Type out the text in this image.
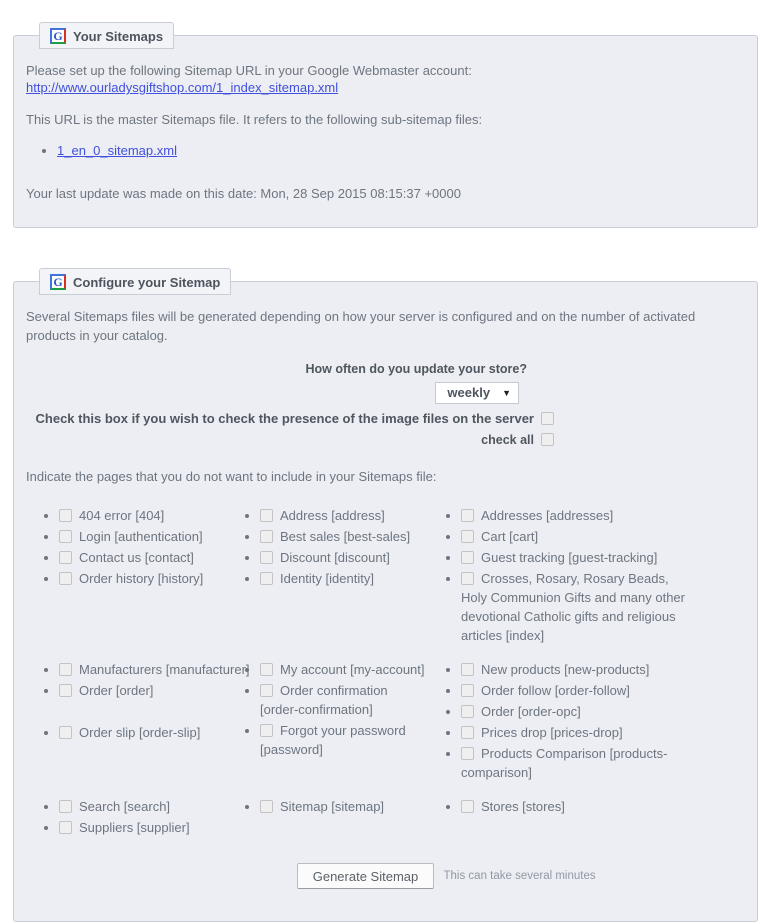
G Your Sitemaps

Please set up the following Sitemap URL in your Google Webmaster account:

http://www.ourladysgiftshop.com/1_index_sitemap.xml

This URL is the master Sitemaps file. It refers to the following sub-sitemap files:

• 1_en_0_sitemap.xml

Your last update was made on this date: Mon, 28 Sep 2015 08:15:37 +0000

G Configure your Sitemap

Several Sitemaps files will be generated depending on how your server is configured and on the number of activated products in your catalog.

How often do you update your store?
weekly ▼
Check this box if you wish to check the presence of the image files on the server
check all

Indicate the pages that you do not want to include in your Sitemaps file:

• 404 error [404]
• Login [authentication]
• Contact us [contact]
• Order history [history]
• Address [address]
• Best sales [best-sales]
• Discount [discount]
• Identity [identity]
• Addresses [addresses]
• Cart [cart]
• Guest tracking [guest-tracking]
• Crosses, Rosary, Rosary Beads, Holy Communion Gifts and many other devotional Catholic gifts and religious articles [index]
• Manufacturers [manufacturer]
• Order [order]
• Order slip [order-slip]
• My account [my-account]
• Order confirmation [order-confirmation]
• Forgot your password [password]
• New products [new-products]
• Order follow [order-follow]
• Order [order-opc]
• Prices drop [prices-drop]
• Products Comparison [products-comparison]
• Search [search]
• Suppliers [supplier]
• Sitemap [sitemap]	• Stores [stores]
Generate Sitemap	This can take several minutes
